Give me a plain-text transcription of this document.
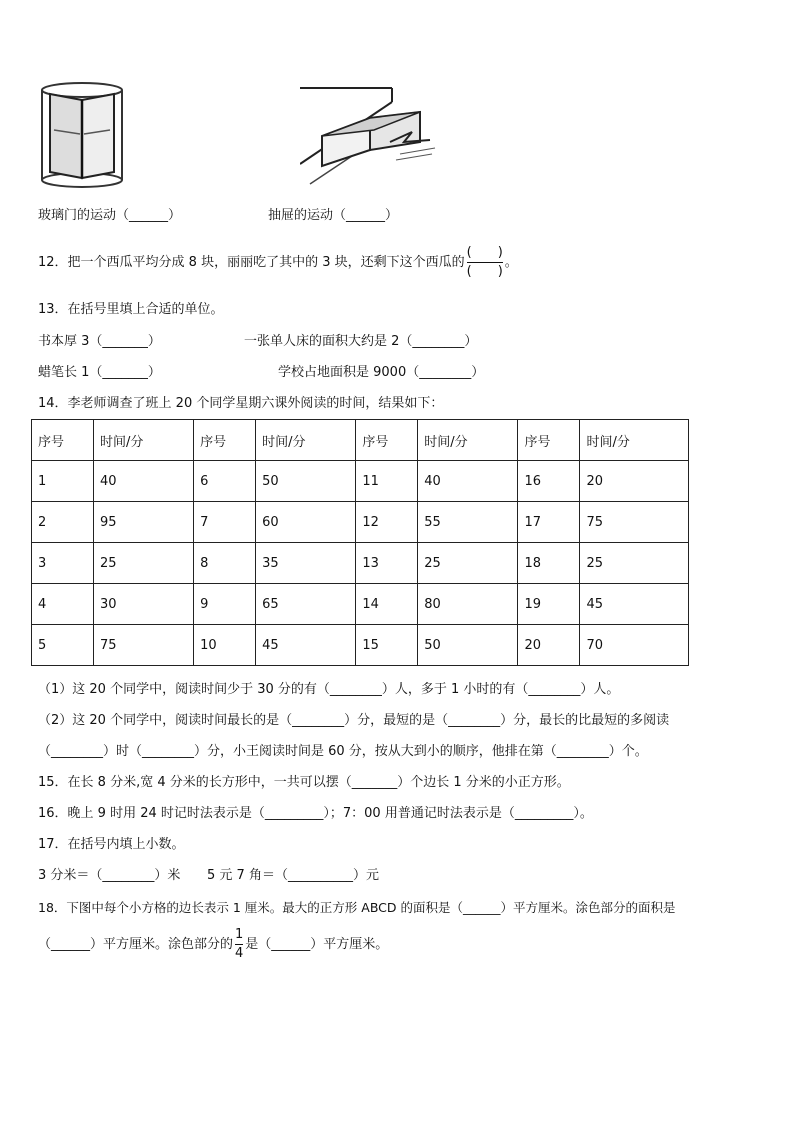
玻璃门的运动（______）	抽屉的运动（______）
12．把一个西瓜平均分成 8 块，丽丽吃了其中的 3 块，还剩下这个西瓜的 $\frac{( )}{( )}$ 。
13．在括号里填上合适的单位。
书本厚 3（_______）	一张单人床的面积大约是 2（________）
蜡笔长 1（_______）	学校占地面积是 9000（________）
14．李老师调查了班上 20 个同学星期六课外阅读的时间，结果如下：
序号	时间/分	序号	时间/分	序号	时间/分	序号	时间/分
1	40	6	50	11	40	16	20
2	95	7	60	12	55	17	75
3	25	8	35	13	25	18	25
4	30	9	65	14	80	19	45
5	75	10	45	15	50	20	70
（1）这 20 个同学中，阅读时间少于 30 分的有（________）人，多于 1 小时的有（________）人。
（2）这 20 个同学中，阅读时间最长的是（________）分，最短的是（________）分，最长的比最短的多阅读
（________）时（________）分，小王阅读时间是 60 分，按从大到小的顺序，他排在第（________）个。
15．在长 8 分米,宽 4 分米的长方形中，一共可以摆（_______）个边长 1 分米的小正方形。
16．晚上 9 时用 24 时记时法表示是（_________）；7：00 用普通记时法表示是（_________）。
17．在括号内填上小数。
3 分米＝（________）米 5 元 7 角＝（__________）元
18．下图中每个小方格的边长表示 1 厘米。最大的正方形 ABCD 的面积是（______）平方厘米。涂色部分的面积是
（______）平方厘米。涂色部分的 $\frac{1}{4}$ 是（______）平方厘米。
